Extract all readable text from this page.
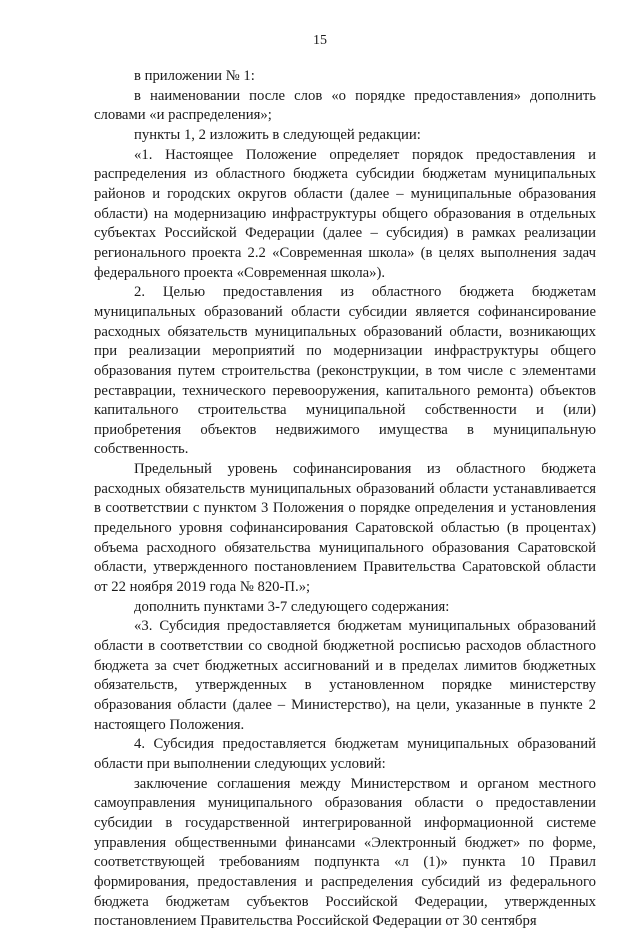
15

в приложении № 1:

в наименовании после слов «о порядке предоставления» дополнить словами «и распределения»;

пункты 1, 2 изложить в следующей редакции:

«1. Настоящее Положение определяет порядок предоставления и распределения из областного бюджета субсидии бюджетам муниципальных районов и городских округов области (далее – муниципальные образования области) на модернизацию инфраструктуры общего образования в отдельных субъектах Российской Федерации (далее – субсидия) в рамках реализации регионального проекта 2.2 «Современная школа» (в целях выполнения задач федерального проекта «Современная школа»).

2. Целью предоставления из областного бюджета бюджетам муниципальных образований области субсидии является софинансирование расходных обязательств муниципальных образований области, возникающих при реализации мероприятий по модернизации инфраструктуры общего образования путем строительства (реконструкции, в том числе с элементами реставрации, технического перевооружения, капитального ремонта) объектов капитального строительства муниципальной собственности и (или) приобретения объектов недвижимого имущества в муниципальную собственность.

Предельный уровень софинансирования из областного бюджета расходных обязательств муниципальных образований области устанавливается в соответствии с пунктом 3 Положения о порядке определения и установления предельного уровня софинансирования Саратовской областью (в процентах) объема расходного обязательства муниципального образования Саратовской области, утвержденного постановлением Правительства Саратовской области от 22 ноября 2019 года № 820-П.»;

дополнить пунктами 3-7 следующего содержания:

«3. Субсидия предоставляется бюджетам муниципальных образований области в соответствии со сводной бюджетной росписью расходов областного бюджета за счет бюджетных ассигнований и в пределах лимитов бюджетных обязательств, утвержденных в установленном порядке министерству образования области (далее – Министерство), на цели, указанные в пункте 2 настоящего Положения.

4. Субсидия предоставляется бюджетам муниципальных образований области при выполнении следующих условий:

заключение соглашения между Министерством и органом местного самоуправления муниципального образования области о предоставлении субсидии в государственной интегрированной информационной системе управления общественными финансами «Электронный бюджет» по форме, соответствующей требованиям подпункта «л (1)» пункта 10 Правил формирования, предоставления и распределения субсидий из федерального бюджета бюджетам субъектов Российской Федерации, утвержденных постановлением Правительства Российской Федерации от 30 сентября
